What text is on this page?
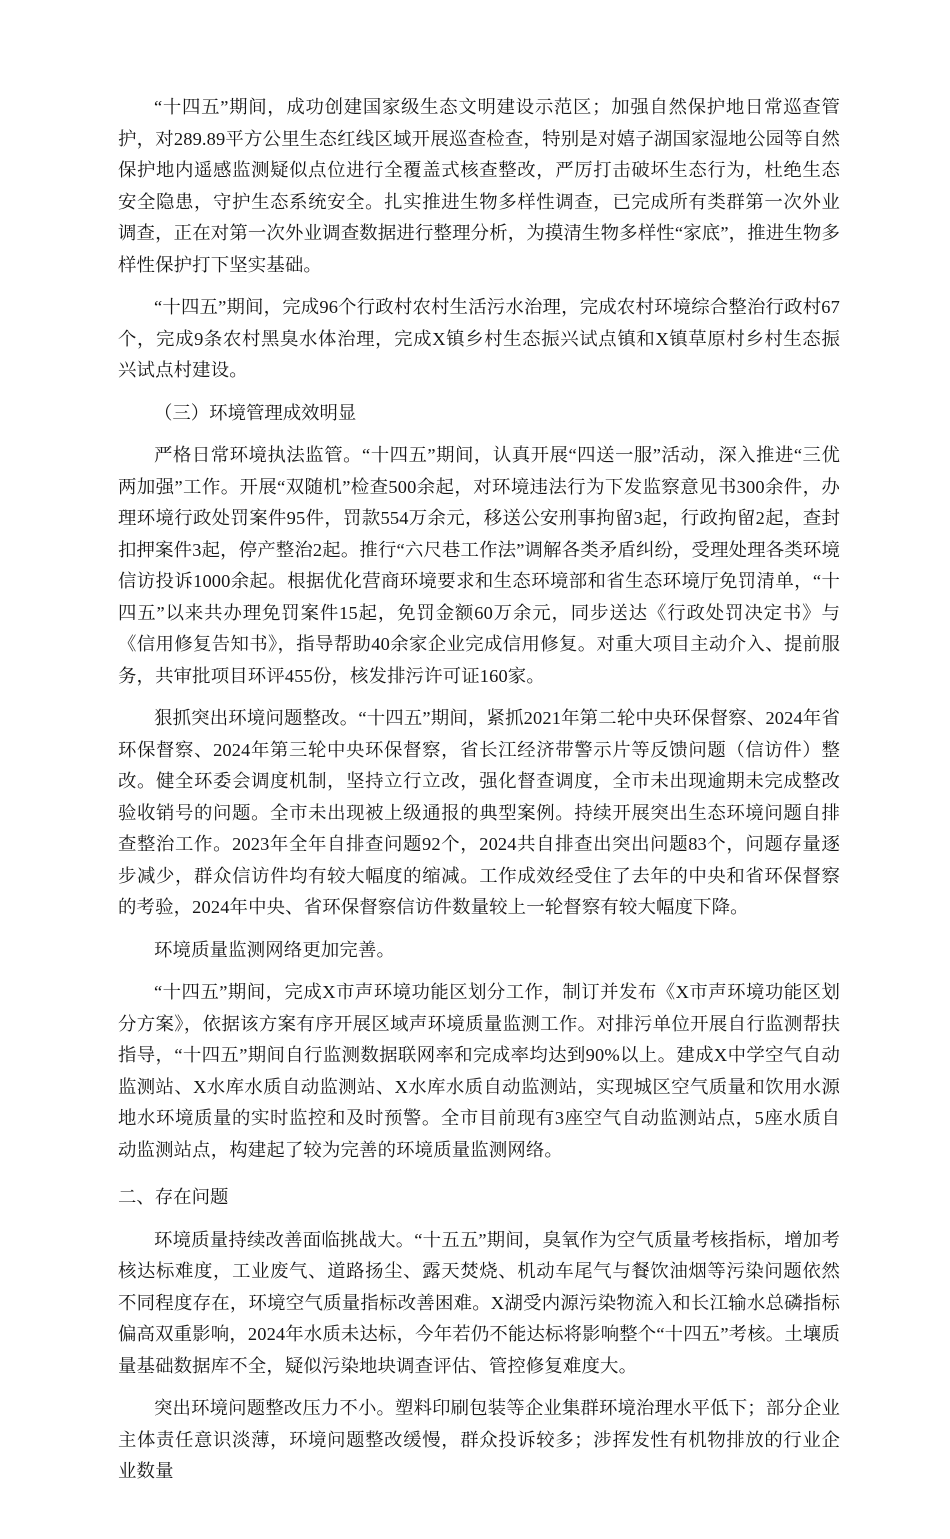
“十四五”期间，成功创建国家级生态文明建设示范区；加强自然保护地日常巡查管护，对289.89平方公里生态红线区域开展巡查检查，特别是对嬉子湖国家湿地公园等自然保护地内遥感监测疑似点位进行全覆盖式核查整改，严厉打击破坏生态行为，杜绝生态安全隐患，守护生态系统安全。扎实推进生物多样性调查，已完成所有类群第一次外业调查，正在对第一次外业调查数据进行整理分析，为摸清生物多样性“家底”，推进生物多样性保护打下坚实基础。

“十四五”期间，完成96个行政村农村生活污水治理，完成农村环境综合整治行政村67个，完成9条农村黑臭水体治理，完成X镇乡村生态振兴试点镇和X镇草原村乡村生态振兴试点村建设。

（三）环境管理成效明显

严格日常环境执法监管。“十四五”期间，认真开展“四送一服”活动，深入推进“三优两加强”工作。开展“双随机”检查500余起，对环境违法行为下发监察意见书300余件，办理环境行政处罚案件95件，罚款554万余元，移送公安刑事拘留3起，行政拘留2起，查封扣押案件3起，停产整治2起。推行“六尺巷工作法”调解各类矛盾纠纷，受理处理各类环境信访投诉1000余起。根据优化营商环境要求和生态环境部和省生态环境厅免罚清单，“十四五”以来共办理免罚案件15起，免罚金额60万余元，同步送达《行政处罚决定书》与《信用修复告知书》，指导帮助40余家企业完成信用修复。对重大项目主动介入、提前服务，共审批项目环评455份，核发排污许可证160家。

狠抓突出环境问题整改。“十四五”期间，紧抓2021年第二轮中央环保督察、2024年省环保督察、2024年第三轮中央环保督察，省长江经济带警示片等反馈问题（信访件）整改。健全环委会调度机制，坚持立行立改，强化督查调度，全市未出现逾期未完成整改验收销号的问题。全市未出现被上级通报的典型案例。持续开展突出生态环境问题自排查整治工作。2023年全年自排查问题92个，2024共自排查出突出问题83个，问题存量逐步减少，群众信访件均有较大幅度的缩减。工作成效经受住了去年的中央和省环保督察的考验，2024年中央、省环保督察信访件数量较上一轮督察有较大幅度下降。

环境质量监测网络更加完善。

“十四五”期间，完成X市声环境功能区划分工作，制订并发布《X市声环境功能区划分方案》，依据该方案有序开展区域声环境质量监测工作。对排污单位开展自行监测帮扶指导，“十四五”期间自行监测数据联网率和完成率均达到90%以上。建成X中学空气自动监测站、X水库水质自动监测站、X水库水质自动监测站，实现城区空气质量和饮用水源地水环境质量的实时监控和及时预警。全市目前现有3座空气自动监测站点，5座水质自动监测站点，构建起了较为完善的环境质量监测网络。

二、存在问题

环境质量持续改善面临挑战大。“十五五”期间，臭氧作为空气质量考核指标，增加考核达标难度，工业废气、道路扬尘、露天焚烧、机动车尾气与餐饮油烟等污染问题依然不同程度存在，环境空气质量指标改善困难。X湖受内源污染物流入和长江输水总磷指标偏高双重影响，2024年水质未达标，今年若仍不能达标将影响整个“十四五”考核。土壤质量基础数据库不全，疑似污染地块调查评估、管控修复难度大。

突出环境问题整改压力不小。塑料印刷包装等企业集群环境治理水平低下；部分企业主体责任意识淡薄，环境问题整改缓慢，群众投诉较多；涉挥发性有机物排放的行业企业数量
